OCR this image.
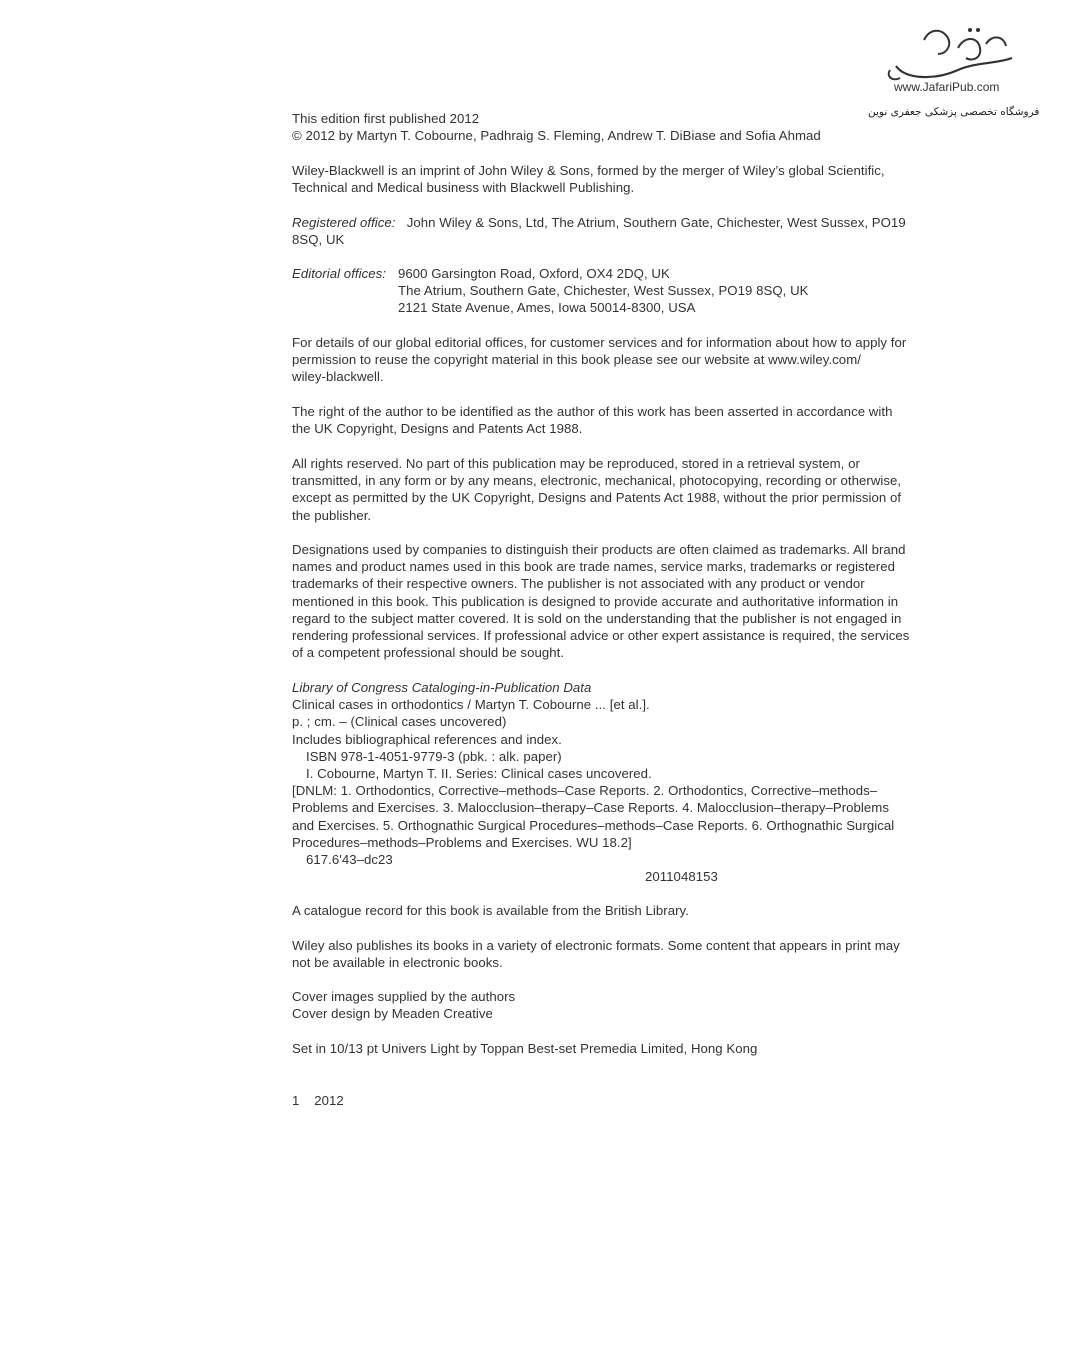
www.JafariPub.com
فروشگاه تخصصی پزشکی جعفری نوین
This edition first published 2012
© 2012 by Martyn T. Cobourne, Padhraig S. Fleming, Andrew T. DiBiase and Sofia Ahmad
Wiley-Blackwell is an imprint of John Wiley & Sons, formed by the merger of Wiley’s global Scientific,
Technical and Medical business with Blackwell Publishing.
Registered office: John Wiley & Sons, Ltd, The Atrium, Southern Gate, Chichester, West Sussex, PO19
8SQ, UK
Editorial offices: 9600 Garsington Road, Oxford, OX4 2DQ, UK
The Atrium, Southern Gate, Chichester, West Sussex, PO19 8SQ, UK
2121 State Avenue, Ames, Iowa 50014-8300, USA
For details of our global editorial offices, for customer services and for information about how to apply for
permission to reuse the copyright material in this book please see our website at www.wiley.com/
wiley-blackwell.
The right of the author to be identified as the author of this work has been asserted in accordance with
the UK Copyright, Designs and Patents Act 1988.
All rights reserved. No part of this publication may be reproduced, stored in a retrieval system, or
transmitted, in any form or by any means, electronic, mechanical, photocopying, recording or otherwise,
except as permitted by the UK Copyright, Designs and Patents Act 1988, without the prior permission of
the publisher.
Designations used by companies to distinguish their products are often claimed as trademarks. All brand
names and product names used in this book are trade names, service marks, trademarks or registered
trademarks of their respective owners. The publisher is not associated with any product or vendor
mentioned in this book. This publication is designed to provide accurate and authoritative information in
regard to the subject matter covered. It is sold on the understanding that the publisher is not engaged in
rendering professional services. If professional advice or other expert assistance is required, the services
of a competent professional should be sought.
Library of Congress Cataloging-in-Publication Data
Clinical cases in orthodontics / Martyn T. Cobourne ... [et al.].
p. ; cm. – (Clinical cases uncovered)
Includes bibliographical references and index.
ISBN 978-1-4051-9779-3 (pbk. : alk. paper)
I. Cobourne, Martyn T. II. Series: Clinical cases uncovered.
[DNLM: 1. Orthodontics, Corrective–methods–Case Reports. 2. Orthodontics, Corrective–methods–
Problems and Exercises. 3. Malocclusion–therapy–Case Reports. 4. Malocclusion–therapy–Problems
and Exercises. 5. Orthognathic Surgical Procedures–methods–Case Reports. 6. Orthognathic Surgical
Procedures–methods–Problems and Exercises. WU 18.2]
617.6'43–dc23
2011048153
A catalogue record for this book is available from the British Library.
Wiley also publishes its books in a variety of electronic formats. Some content that appears in print may
not be available in electronic books.
Cover images supplied by the authors
Cover design by Meaden Creative
Set in 10/13 pt Univers Light by Toppan Best-set Premedia Limited, Hong Kong
1    2012
